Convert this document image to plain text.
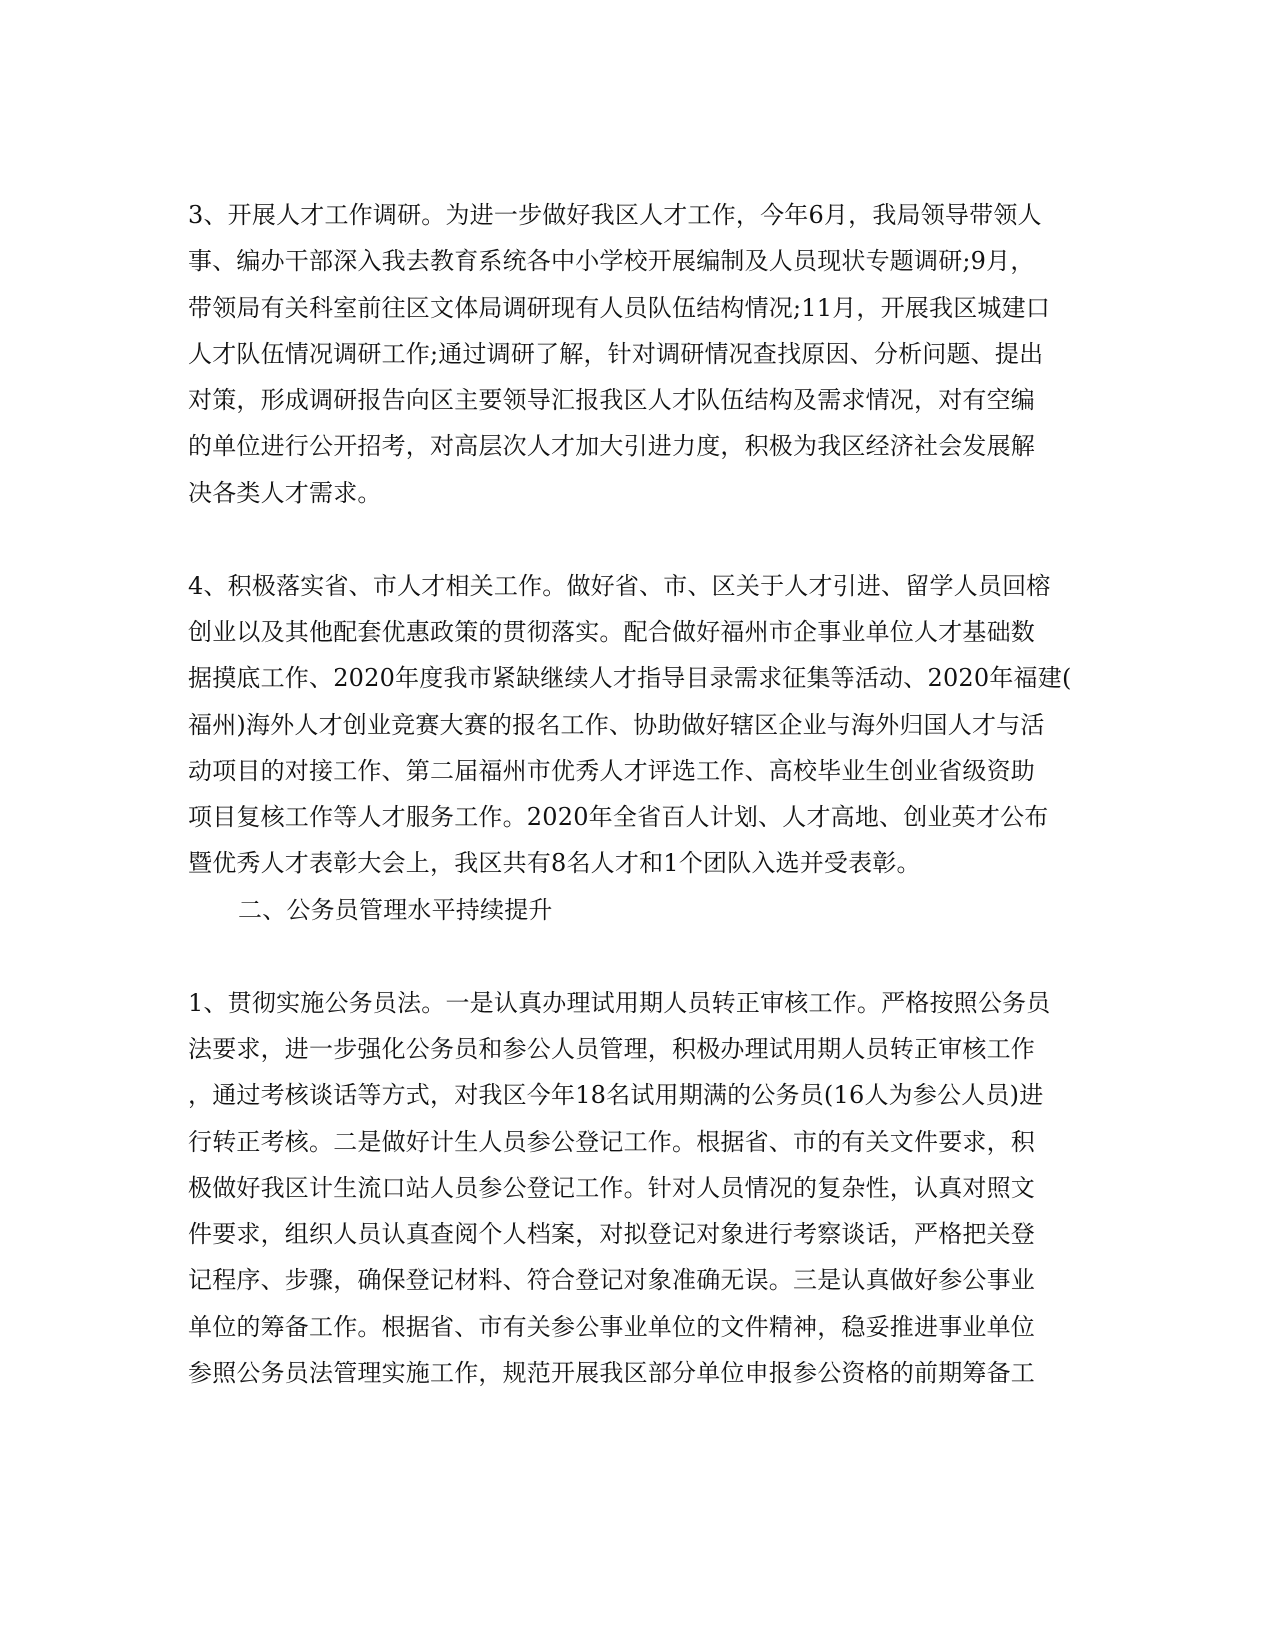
3、开展人才工作调研。为进一步做好我区人才工作，今年6月，我局领导带领人
事、编办干部深入我去教育系统各中小学校开展编制及人员现状专题调研;9月，
带领局有关科室前往区文体局调研现有人员队伍结构情况;11月，开展我区城建口
人才队伍情况调研工作;通过调研了解，针对调研情况查找原因、分析问题、提出
对策，形成调研报告向区主要领导汇报我区人才队伍结构及需求情况，对有空编
的单位进行公开招考，对高层次人才加大引进力度，积极为我区经济社会发展解
决各类人才需求。
4、积极落实省、市人才相关工作。做好省、市、区关于人才引进、留学人员回榕
创业以及其他配套优惠政策的贯彻落实。配合做好福州市企事业单位人才基础数
据摸底工作、2020年度我市紧缺继续人才指导目录需求征集等活动、2020年福建(
福州)海外人才创业竞赛大赛的报名工作、协助做好辖区企业与海外归国人才与活
动项目的对接工作、第二届福州市优秀人才评选工作、高校毕业生创业省级资助
项目复核工作等人才服务工作。2020年全省百人计划、人才高地、创业英才公布
暨优秀人才表彰大会上，我区共有8名人才和1个团队入选并受表彰。
二、公务员管理水平持续提升
1、贯彻实施公务员法。一是认真办理试用期人员转正审核工作。严格按照公务员
法要求，进一步强化公务员和参公人员管理，积极办理试用期人员转正审核工作
，通过考核谈话等方式，对我区今年18名试用期满的公务员(16人为参公人员)进
行转正考核。二是做好计生人员参公登记工作。根据省、市的有关文件要求，积
极做好我区计生流口站人员参公登记工作。针对人员情况的复杂性，认真对照文
件要求，组织人员认真查阅个人档案，对拟登记对象进行考察谈话，严格把关登
记程序、步骤，确保登记材料、符合登记对象准确无误。三是认真做好参公事业
单位的筹备工作。根据省、市有关参公事业单位的文件精神，稳妥推进事业单位
参照公务员法管理实施工作，规范开展我区部分单位申报参公资格的前期筹备工
